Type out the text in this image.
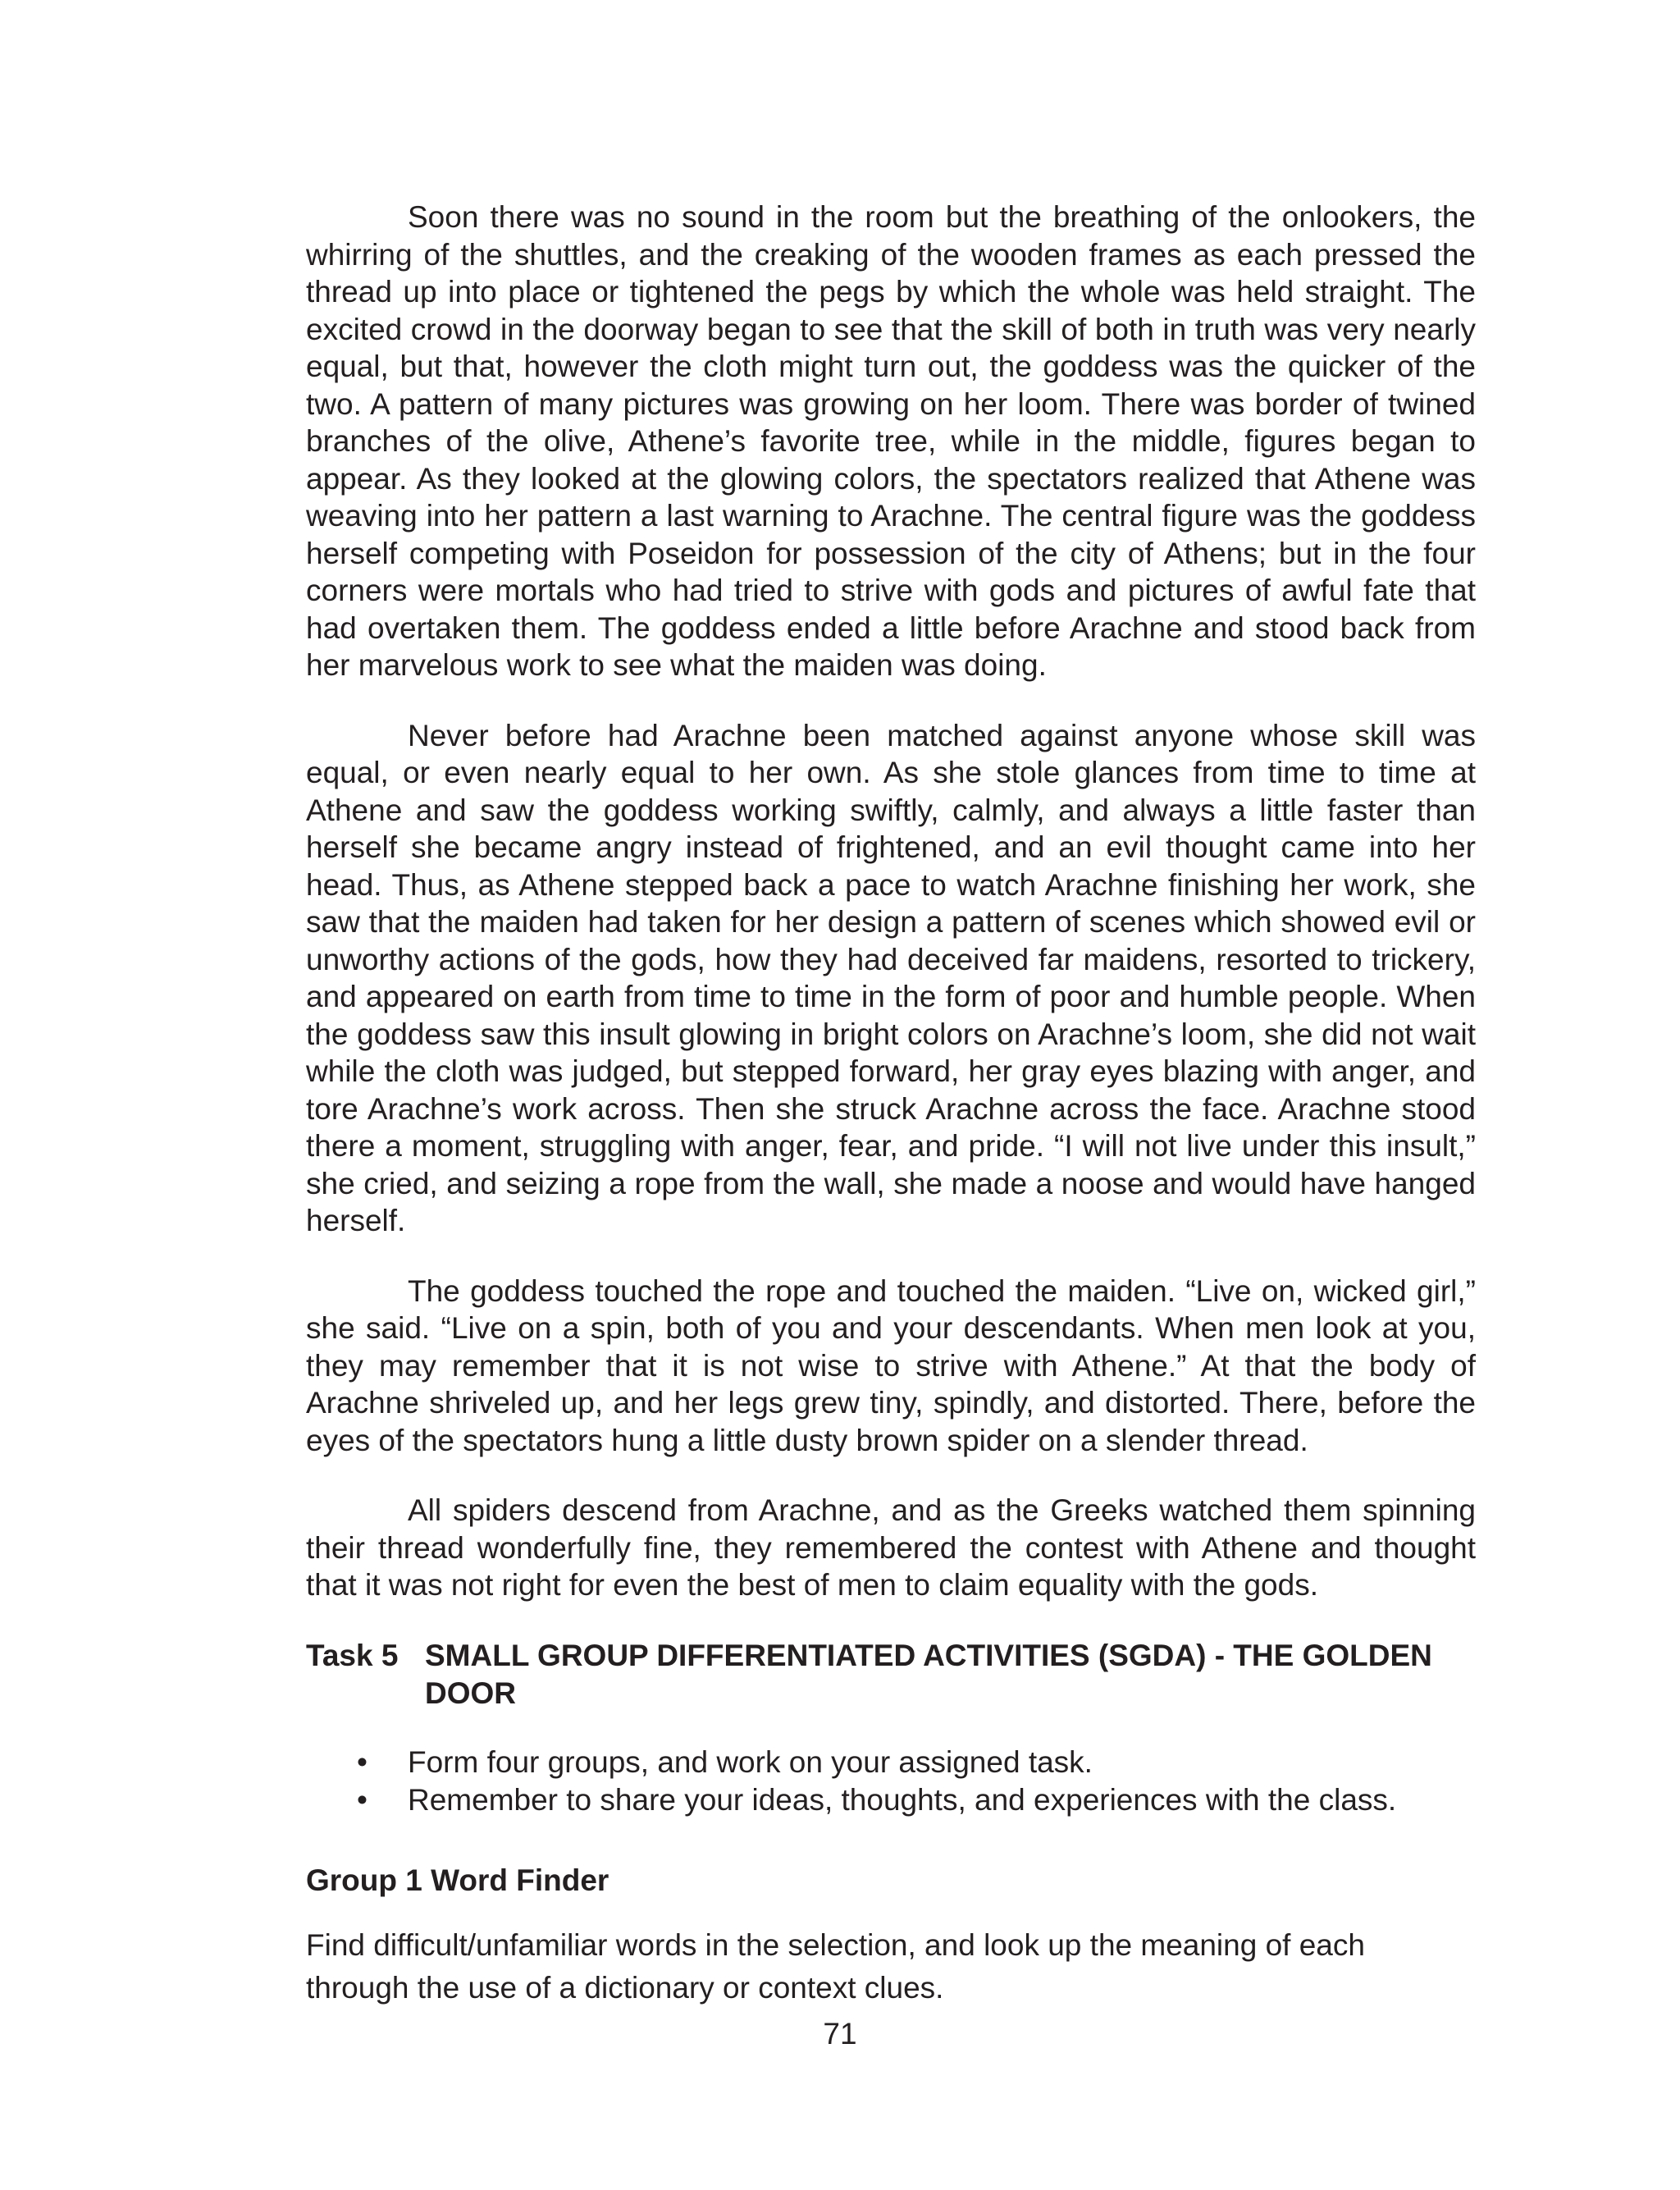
Soon there was no sound in the room but the breathing of the onlookers, the whirring of the shuttles, and the creaking of the wooden frames as each pressed the thread up into place or tightened the pegs by which the whole was held straight. The excited crowd in the doorway began to see that the skill of both in truth was very nearly equal, but that, however the cloth might turn out, the goddess was the quicker of the two. A pattern of many pictures was growing on her loom. There was border of twined branches of the olive, Athene’s favorite tree, while in the middle, figures began to appear. As they looked at the glowing colors, the spectators realized that Athene was weaving into her pattern a last warning to Arachne. The central figure was the goddess herself competing with Poseidon for possession of the city of Athens; but in the four corners were mortals who had tried to strive with gods and pictures of awful fate that had overtaken them. The goddess ended a little before Arachne and stood back from her marvelous work to see what the maiden was doing.

Never before had Arachne been matched against anyone whose skill was equal, or even nearly equal to her own. As she stole glances from time to time at Athene and saw the goddess working swiftly, calmly, and always a little faster than herself she became angry instead of frightened, and an evil thought came into her head. Thus, as Athene stepped back a pace to watch Arachne finishing her work, she saw that the maiden had taken for her design a pattern of scenes which showed evil or unworthy actions of the gods, how they had deceived far maidens, resorted to trickery, and appeared on earth from time to time in the form of poor and humble people. When the goddess saw this insult glowing in bright colors on Arachne’s loom, she did not wait while the cloth was judged, but stepped forward, her gray eyes blazing with anger, and tore Arachne’s work across. Then she struck Arachne across the face. Arachne stood there a moment, struggling with anger, fear, and pride. “I will not live under this insult,” she cried, and seizing a rope from the wall, she made a noose and would have hanged herself.

The goddess touched the rope and touched the maiden. “Live on, wicked girl,” she said. “Live on a spin, both of you and your descendants. When men look at you, they may remember that it is not wise to strive with Athene.” At that the body of Arachne shriveled up, and her legs grew tiny, spindly, and distorted. There, before the eyes of the spectators hung a little dusty brown spider on a slender thread.

All spiders descend from Arachne, and as the Greeks watched them spinning their thread wonderfully fine, they remembered the contest with Athene and thought that it was not right for even the best of men to claim equality with the gods.

Task 5 SMALL GROUP DIFFERENTIATED ACTIVITIES (SGDA) - THE GOLDEN DOOR
• Form four groups, and work on your assigned task.
• Remember to share your ideas, thoughts, and experiences with the class.
Group 1 Word Finder

Find difficult/unfamiliar words in the selection, and look up the meaning of each through the use of a dictionary or context clues.

71
